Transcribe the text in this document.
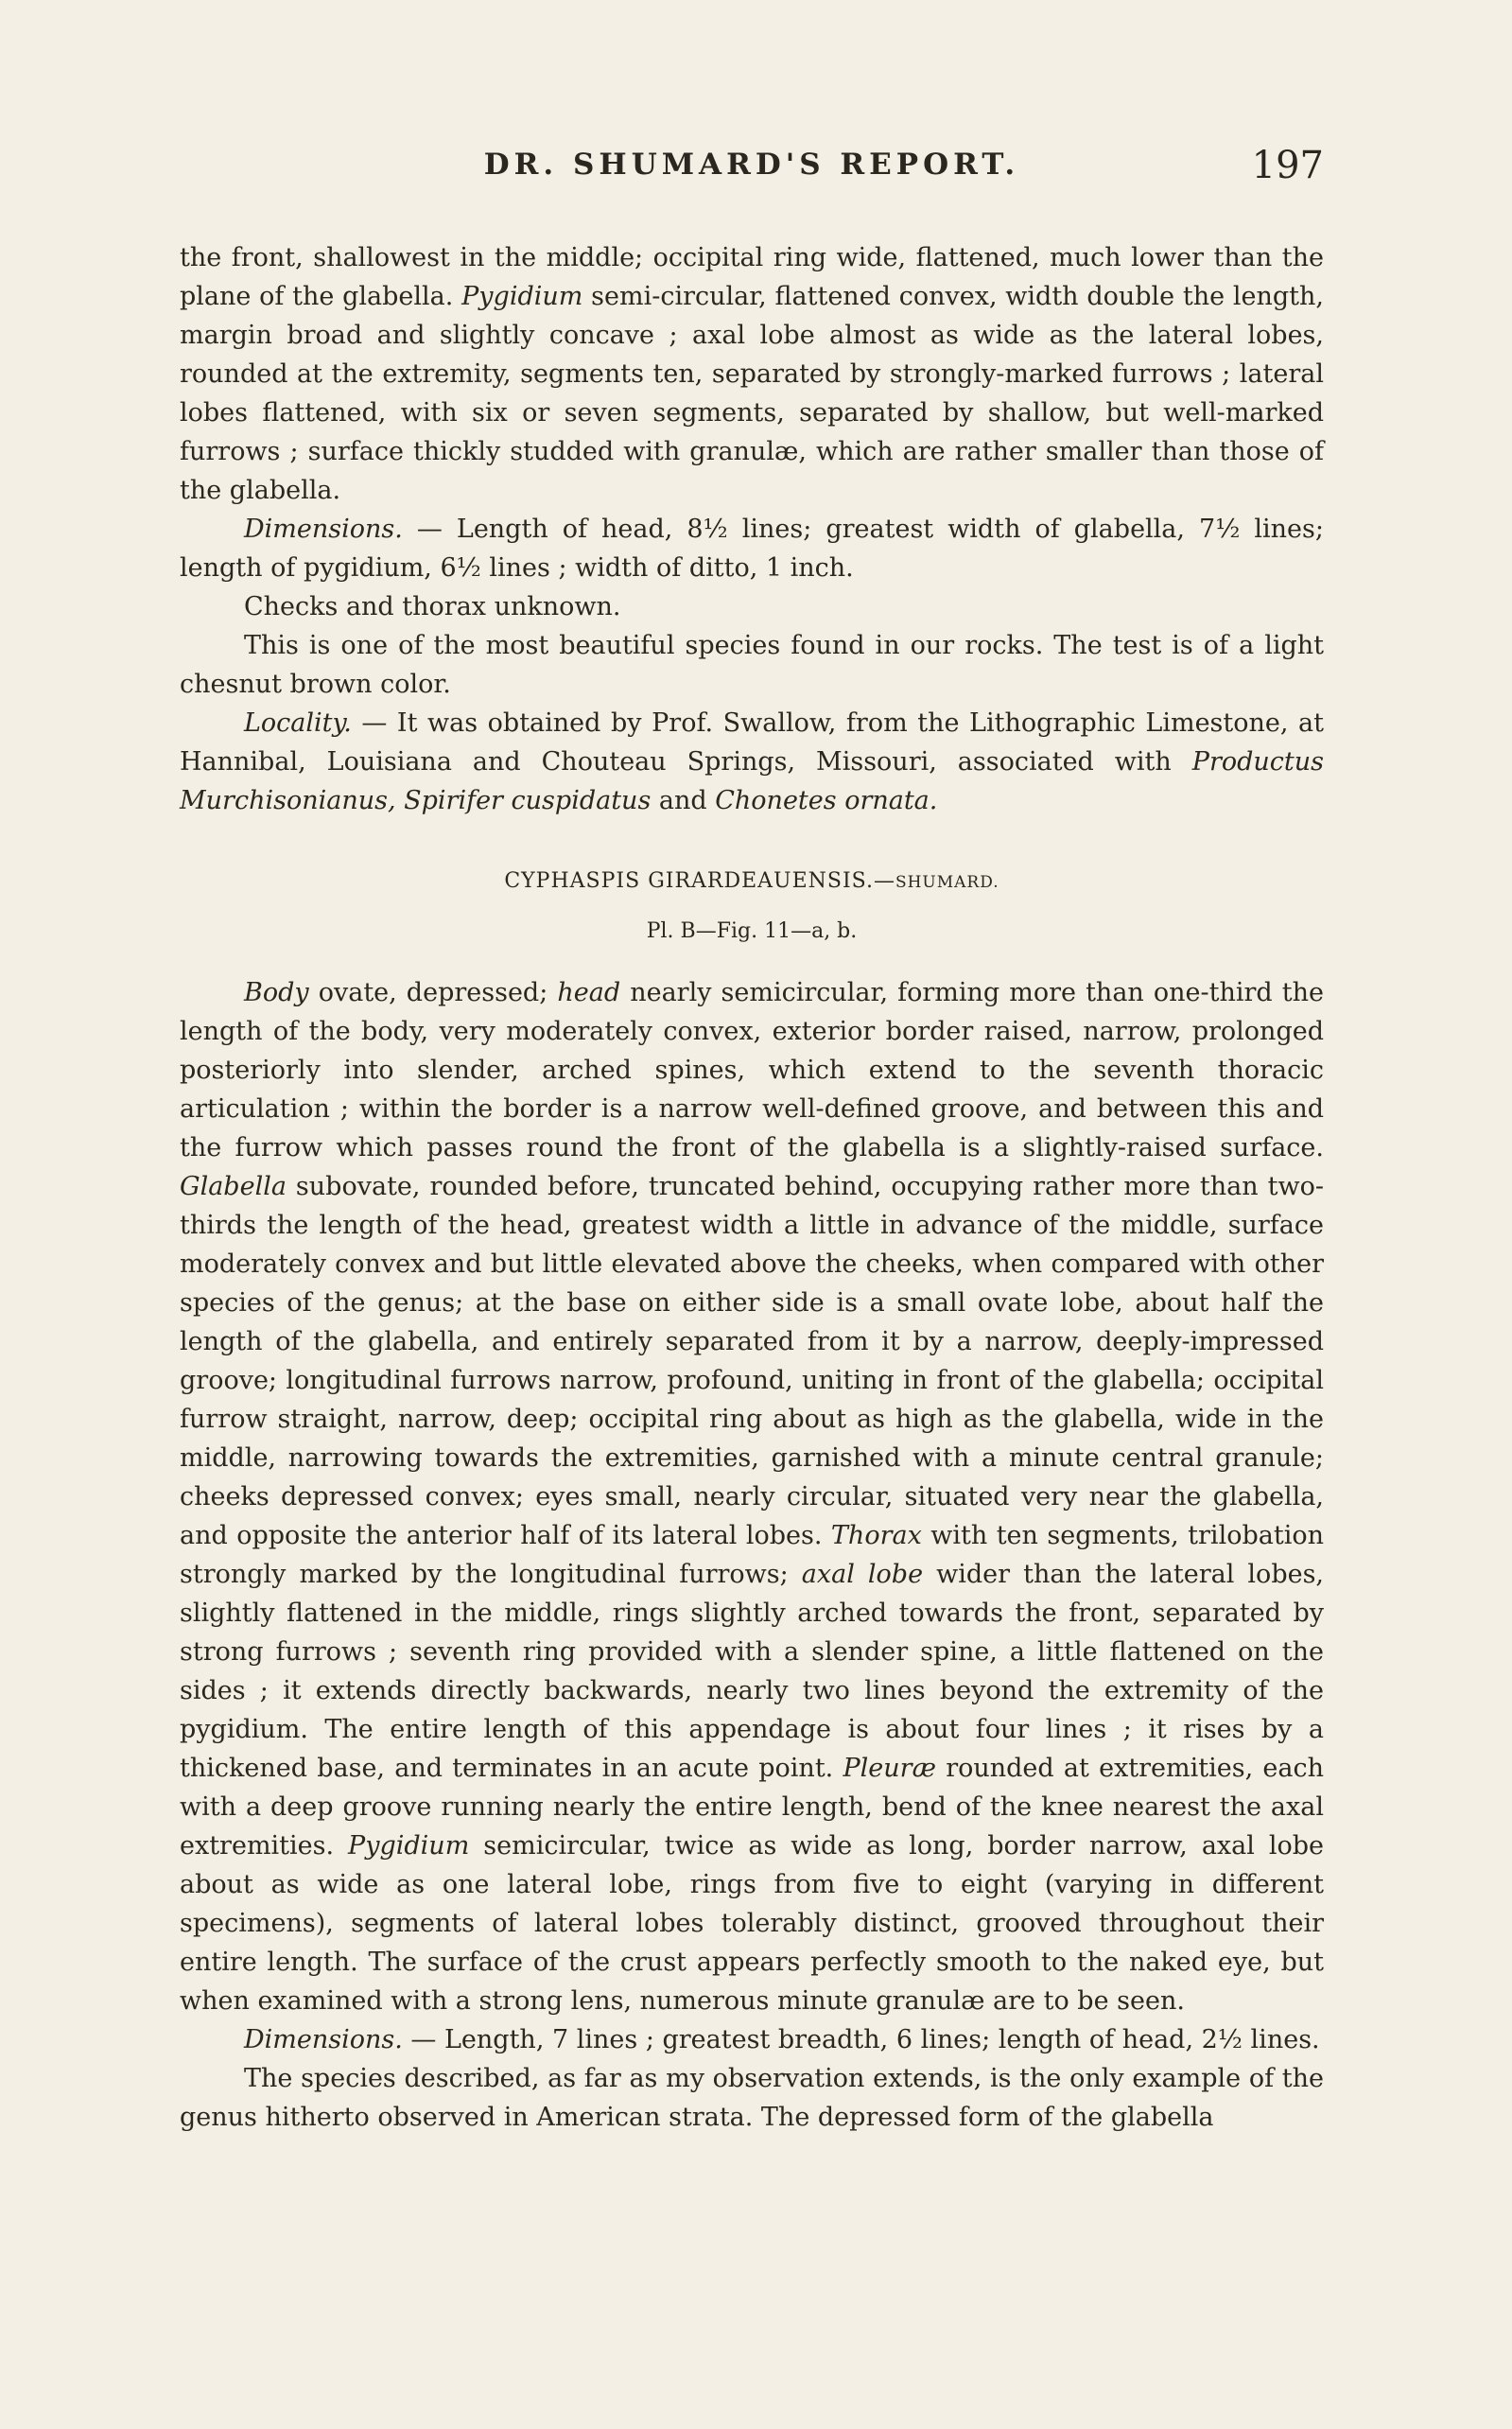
DR. SHUMARD'S REPORT.	197

the front, shallowest in the middle; occipital ring wide, flattened, much lower than the plane of the glabella. Pygidium semi-circular, flattened convex, width double the length, margin broad and slightly concave ; axal lobe almost as wide as the lateral lobes, rounded at the extremity, segments ten, separated by strongly-marked furrows ; lateral lobes flattened, with six or seven segments, separated by shallow, but well-marked furrows ; surface thickly studded with granulæ, which are rather smaller than those of the glabella.

Dimensions. — Length of head, 8½ lines; greatest width of glabella, 7½ lines; length of pygidium, 6½ lines ; width of ditto, 1 inch.

Checks and thorax unknown.

This is one of the most beautiful species found in our rocks. The test is of a light chesnut brown color.

Locality. — It was obtained by Prof. Swallow, from the Lithographic Limestone, at Hannibal, Louisiana and Chouteau Springs, Missouri, associated with Productus Murchisonianus, Spirifer cuspidatus and Chonetes ornata.

CYPHASPIS GIRARDEAUENSIS.—SHUMARD.

Pl. B—Fig. 11—a, b.

Body ovate, depressed; head nearly semicircular, forming more than one-third the length of the body, very moderately convex, exterior border raised, narrow, prolonged posteriorly into slender, arched spines, which extend to the seventh thoracic articulation ; within the border is a narrow well-defined groove, and between this and the furrow which passes round the front of the glabella is a slightly-raised surface. Glabella subovate, rounded before, truncated behind, occupying rather more than two-thirds the length of the head, greatest width a little in advance of the middle, surface moderately convex and but little elevated above the cheeks, when compared with other species of the genus; at the base on either side is a small ovate lobe, about half the length of the glabella, and entirely separated from it by a narrow, deeply-impressed groove; longitudinal furrows narrow, profound, uniting in front of the glabella; occipital furrow straight, narrow, deep; occipital ring about as high as the glabella, wide in the middle, narrowing towards the extremities, garnished with a minute central granule; cheeks depressed convex; eyes small, nearly circular, situated very near the glabella, and opposite the anterior half of its lateral lobes. Thorax with ten segments, trilobation strongly marked by the longitudinal furrows; axal lobe wider than the lateral lobes, slightly flattened in the middle, rings slightly arched towards the front, separated by strong furrows ; seventh ring provided with a slender spine, a little flattened on the sides ; it extends directly backwards, nearly two lines beyond the extremity of the pygidium. The entire length of this appendage is about four lines ; it rises by a thickened base, and terminates in an acute point. Pleuræ rounded at extremities, each with a deep groove running nearly the entire length, bend of the knee nearest the axal extremities. Pygidium semicircular, twice as wide as long, border narrow, axal lobe about as wide as one lateral lobe, rings from five to eight (varying in different specimens), segments of lateral lobes tolerably distinct, grooved throughout their entire length. The surface of the crust appears perfectly smooth to the naked eye, but when examined with a strong lens, numerous minute granulæ are to be seen.

Dimensions. — Length, 7 lines ; greatest breadth, 6 lines; length of head, 2½ lines.

The species described, as far as my observation extends, is the only example of the genus hitherto observed in American strata. The depressed form of the glabella
